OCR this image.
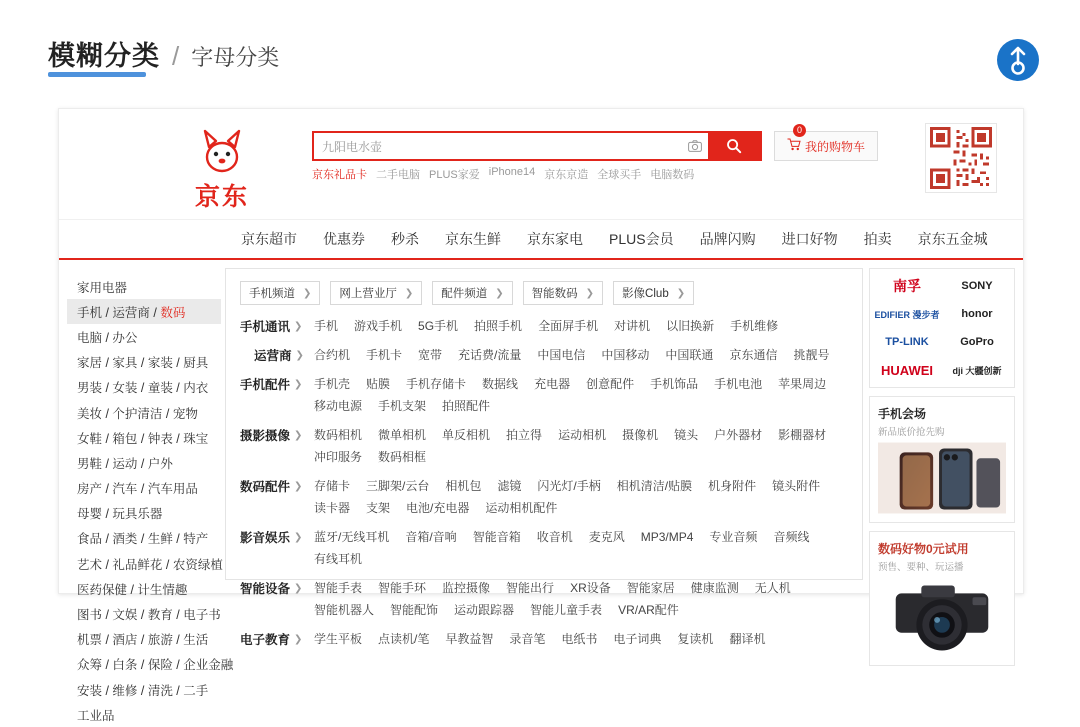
模糊分类 / 字母分类
京东
九阳电水壶
京东礼品卡 二手电脑 PLUS家爱 iPhone14 京东京造 全球买手 电脑数码
我的购物车
0
京东超市 优惠券 秒杀 京东生鲜 京东家电 PLUS会员 品牌闪购 进口好物 拍卖 京东五金城
家用电器
手机 / 运营商 / 数码
电脑 / 办公
家居 / 家具 / 家装 / 厨具
男装 / 女装 / 童装 / 内衣
美妆 / 个护清洁 / 宠物
女鞋 / 箱包 / 钟表 / 珠宝
男鞋 / 运动 / 户外
房产 / 汽车 / 汽车用品
母婴 / 玩具乐器
食品 / 酒类 / 生鲜 / 特产
艺术 / 礼品鲜花 / 农资绿植
医药保健 / 计生情趣
图书 / 文娱 / 教育 / 电子书
机票 / 酒店 / 旅游 / 生活
众筹 / 白条 / 保险 / 企业金融
安装 / 维修 / 清洗 / 二手
工业品
手机频道 ❯ 网上营业厅 ❯ 配件频道 ❯ 智能数码 ❯ 影像Club ❯
手机通讯 ❯ 手机 游戏手机 5G手机 拍照手机 全面屏手机 对讲机 以旧换新 手机维修
运营商 ❯ 合约机 手机卡 宽带 充话费/流量 中国电信 中国移动 中国联通 京东通信 挑靓号
手机配件 ❯ 手机壳 贴膜 手机存储卡 数据线 充电器 创意配件 手机饰品 手机电池 苹果周边
移动电源 手机支架 拍照配件
摄影摄像 ❯ 数码相机 微单相机 单反相机 拍立得 运动相机 摄像机 镜头 户外器材 影棚器材
冲印服务 数码相框
数码配件 ❯ 存储卡 三脚架/云台 相机包 滤镜 闪光灯/手柄 相机清洁/贴膜 机身附件 镜头附件
读卡器 支架 电池/充电器 运动相机配件
影音娱乐 ❯ 蓝牙/无线耳机 音箱/音响 智能音箱 收音机 麦克风 MP3/MP4 专业音频 音频线
有线耳机
智能设备 ❯ 智能手表 智能手环 监控摄像 智能出行 XR设备 智能家居 健康监测 无人机
智能机器人 智能配饰 运动跟踪器 智能儿童手表 VR/AR配件
电子教育 ❯ 学生平板 点读机/笔 早教益智 录音笔 电纸书 电子词典 复读机 翻译机
南孚	SONY
EDIFIER 漫步者	honor
TP-LINK	GoPro
HUAWEI	dji 大疆创新
手机会场
新品底价抢先购
数码好物0元试用
预售、要种、玩运播
